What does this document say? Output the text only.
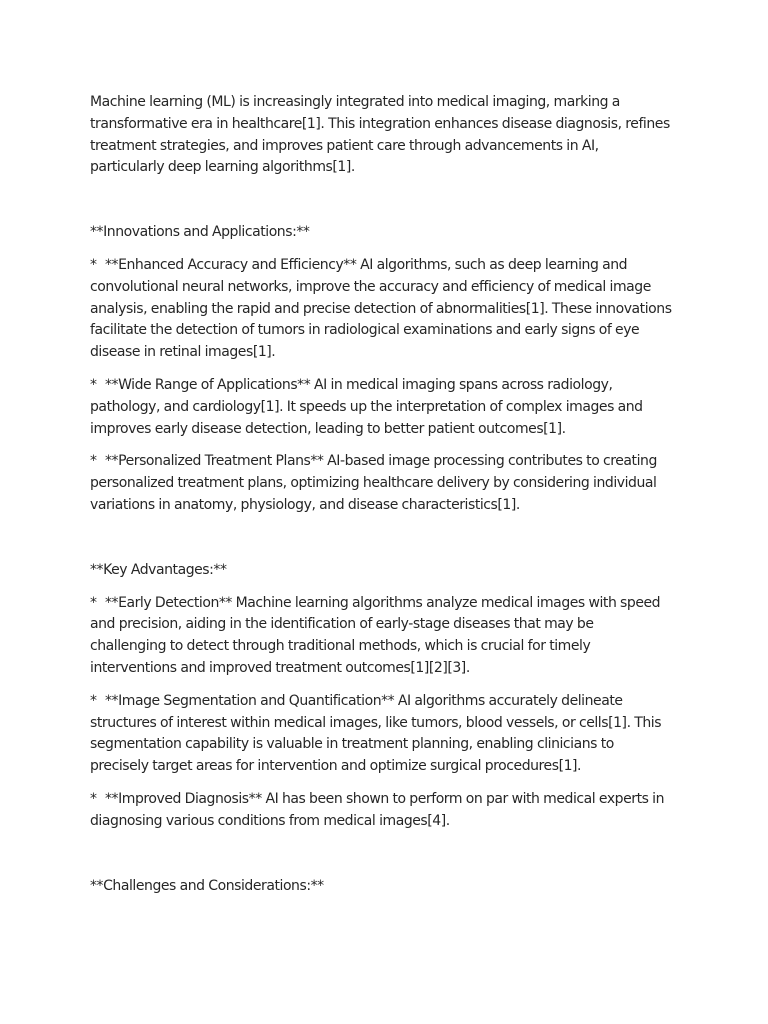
Machine learning (ML) is increasingly integrated into medical imaging, marking a transformative era in healthcare[1]. This integration enhances disease diagnosis, refines treatment strategies, and improves patient care through advancements in AI, particularly deep learning algorithms[1].

**Innovations and Applications:**

* **Enhanced Accuracy and Efficiency** AI algorithms, such as deep learning and convolutional neural networks, improve the accuracy and efficiency of medical image analysis, enabling the rapid and precise detection of abnormalities[1]. These innovations facilitate the detection of tumors in radiological examinations and early signs of eye disease in retinal images[1].

* **Wide Range of Applications** AI in medical imaging spans across radiology, pathology, and cardiology[1]. It speeds up the interpretation of complex images and improves early disease detection, leading to better patient outcomes[1].

* **Personalized Treatment Plans** AI-based image processing contributes to creating personalized treatment plans, optimizing healthcare delivery by considering individual variations in anatomy, physiology, and disease characteristics[1].

**Key Advantages:**

* **Early Detection** Machine learning algorithms analyze medical images with speed and precision, aiding in the identification of early-stage diseases that may be challenging to detect through traditional methods, which is crucial for timely interventions and improved treatment outcomes[1][2][3].

* **Image Segmentation and Quantification** AI algorithms accurately delineate structures of interest within medical images, like tumors, blood vessels, or cells[1]. This segmentation capability is valuable in treatment planning, enabling clinicians to precisely target areas for intervention and optimize surgical procedures[1].

* **Improved Diagnosis** AI has been shown to perform on par with medical experts in diagnosing various conditions from medical images[4].

**Challenges and Considerations:**
